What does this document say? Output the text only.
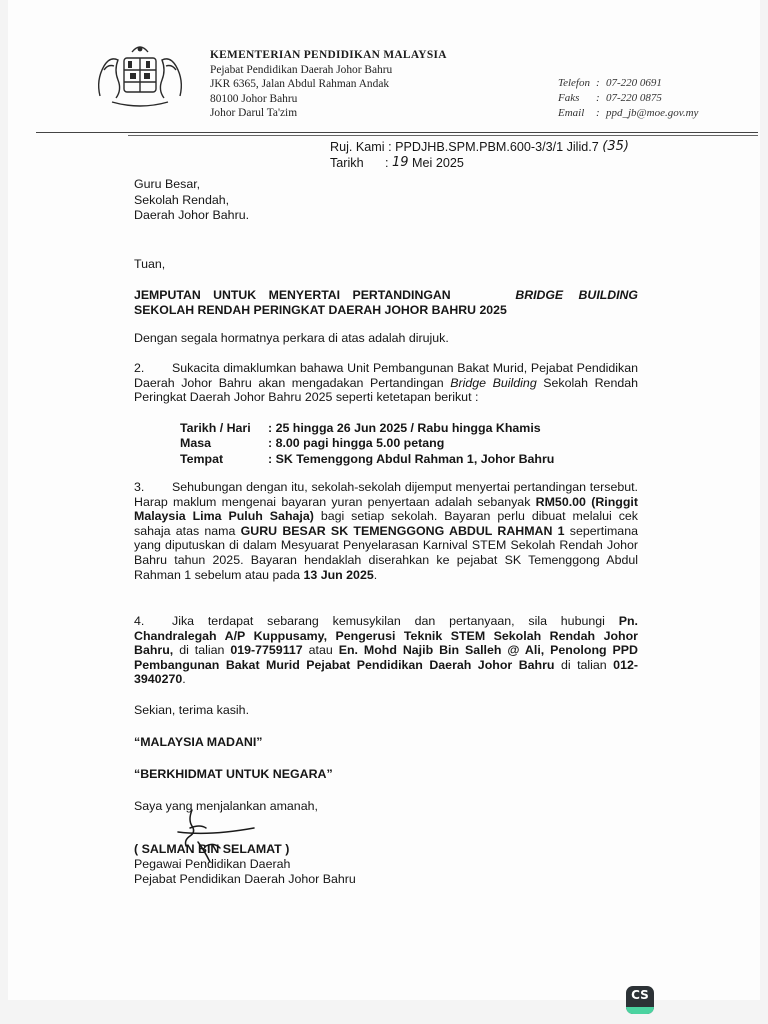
KEMENTERIAN PENDIDIKAN MALAYSIA
Pejabat Pendidikan Daerah Johor Bahru
JKR 6365, Jalan Abdul Rahman Andak
80100 Johor Bahru
Johor Darul Ta'zim
Telefon : 07-220 0691
Faks	: 07-220 0875
Email	: ppd_jb@moe.gov.my
Ruj. Kami : PPDJHB.SPM.PBM.600-3/3/1 Jilid.7
(35)
Tarikh	: 19
Mei 2025
Guru Besar,
Sekolah Rendah,
Daerah Johor Bahru.
Tuan,
JEMPUTAN UNTUK MENYERTAI PERTANDINGAN	BRIDGE BUILDING
SEKOLAH RENDAH PERINGKAT DAERAH JOHOR BAHRU 2025
Dengan segala hormatnya perkara di atas adalah dirujuk.
2. Sukacita dimaklumkan bahawa Unit Pembangunan Bakat Murid, Pejabat Pendidikan Daerah Johor Bahru akan mengadakan Pertandingan Bridge Building Sekolah Rendah Peringkat Daerah Johor Bahru 2025 seperti ketetapan berikut :
Tarikh / Hari	: 25 hingga 26 Jun 2025 / Rabu hingga Khamis
Masa	: 8.00 pagi hingga 5.00 petang
Tempat	: SK Temenggong Abdul Rahman 1, Johor Bahru
3. Sehubungan dengan itu, sekolah-sekolah dijemput menyertai pertandingan tersebut. Harap maklum mengenai bayaran yuran penyertaan adalah sebanyak RM50.00 (Ringgit Malaysia Lima Puluh Sahaja) bagi setiap sekolah. Bayaran perlu dibuat melalui cek sahaja atas nama GURU BESAR SK TEMENGGONG ABDUL RAHMAN 1 sepertimana yang diputuskan di dalam Mesyuarat Penyelarasan Karnival STEM Sekolah Rendah Johor Bahru tahun 2025. Bayaran hendaklah diserahkan ke pejabat SK Temenggong Abdul Rahman 1 sebelum atau pada 13 Jun 2025.
4. Jika terdapat sebarang kemusykilan dan pertanyaan, sila hubungi Pn. Chandralegah A/P Kuppusamy, Pengerusi Teknik STEM Sekolah Rendah Johor Bahru, di talian 019-7759117 atau En. Mohd Najib Bin Salleh @ Ali, Penolong PPD Pembangunan Bakat Murid Pejabat Pendidikan Daerah Johor Bahru di talian 012-3940270.
Sekian, terima kasih.
“MALAYSIA MADANI”
“BERKHIDMAT UNTUK NEGARA”
Saya yang menjalankan amanah,
( SALMAN BIN SELAMAT )
Pegawai Pendidikan Daerah
Pejabat Pendidikan Daerah Johor Bahru
CS
